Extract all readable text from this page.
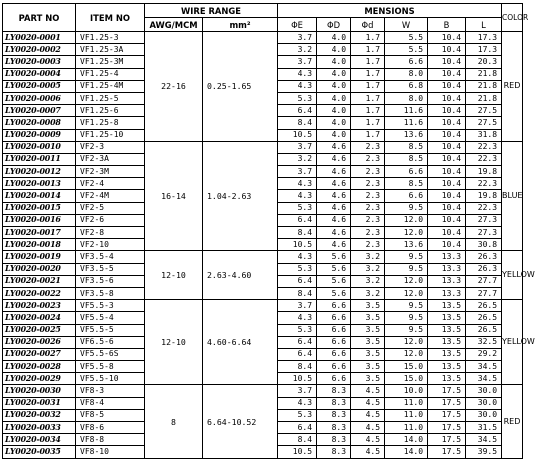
PART NO	ITEM NO	WIRE RANGE		MENSIONS						COLOR
		AWG/MCM	mm²	ΦE	ΦD	Φd	W	B	L	
LY0020-0001	VF1.25-3	22-16	0.25-1.65	3.7	4.0	1.7	5.5	10.4	17.3	RED
LY0020-0002	VF1.25-3A			3.2	4.0	1.7	5.5	10.4	17.3	
LY0020-0003	VF1.25-3M			3.7	4.0	1.7	6.6	10.4	20.3	
LY0020-0004	VF1.25-4			4.3	4.0	1.7	8.0	10.4	21.8	
LY0020-0005	VF1.25-4M			4.3	4.0	1.7	6.8	10.4	21.8	
LY0020-0006	VF1.25-5			5.3	4.0	1.7	8.0	10.4	21.8	
LY0020-0007	VF1.25-6			6.4	4.0	1.7	11.6	10.4	27.5	
LY0020-0008	VF1.25-8			8.4	4.0	1.7	11.6	10.4	27.5	
LY0020-0009	VF1.25-10			10.5	4.0	1.7	13.6	10.4	31.8	
LY0020-0010	VF2-3	16-14	1.04-2.63	3.7	4.6	2.3	8.5	10.4	22.3	BLUE
LY0020-0011	VF2-3A			3.2	4.6	2.3	8.5	10.4	22.3	
LY0020-0012	VF2-3M			3.7	4.6	2.3	6.6	10.4	19.8	
LY0020-0013	VF2-4			4.3	4.6	2.3	8.5	10.4	22.3	
LY0020-0014	VF2-4M			4.3	4.6	2.3	6.6	10.4	19.8	
LY0020-0015	VF2-5			5.3	4.6	2.3	9.5	10.4	22.3	
LY0020-0016	VF2-6			6.4	4.6	2.3	12.0	10.4	27.3	
LY0020-0017	VF2-8			8.4	4.6	2.3	12.0	10.4	27.3	
LY0020-0018	VF2-10			10.5	4.6	2.3	13.6	10.4	30.8	
LY0020-0019	VF3.5-4	12-10	2.63-4.60	4.3	5.6	3.2	9.5	13.3	26.3	YELLOW
LY0020-0020	VF3.5-5			5.3	5.6	3.2	9.5	13.3	26.3	
LY0020-0021	VF3.5-6			6.4	5.6	3.2	12.0	13.3	27.7	
LY0020-0022	VF3.5-8			8.4	5.6	3.2	12.0	13.3	27.7	
LY0020-0023	VF5.5-3	12-10	4.60-6.64	3.7	6.6	3.5	9.5	13.5	26.5	YELLOW
LY0020-0024	VF5.5-4			4.3	6.6	3.5	9.5	13.5	26.5	
LY0020-0025	VF5.5-5			5.3	6.6	3.5	9.5	13.5	26.5	
LY0020-0026	VF6.5-6			6.4	6.6	3.5	12.0	13.5	32.5	
LY0020-0027	VF5.5-6S			6.4	6.6	3.5	12.0	13.5	29.2	
LY0020-0028	VF5.5-8			8.4	6.6	3.5	15.0	13.5	34.5	
LY0020-0029	VF5.5-10			10.5	6.6	3.5	15.0	13.5	34.5	
LY0020-0030	VF8-3	8	6.64-10.52	3.7	8.3	4.5	10.0	17.5	30.0	RED
LY0020-0031	VF8-4			4.3	8.3	4.5	11.0	17.5	30.0	
LY0020-0032	VF8-5			5.3	8.3	4.5	11.0	17.5	30.0	
LY0020-0033	VF8-6			6.4	8.3	4.5	11.0	17.5	31.5	
LY0020-0034	VF8-8			8.4	8.3	4.5	14.0	17.5	34.5	
LY0020-0035	VF8-10			10.5	8.3	4.5	14.0	17.5	39.5	
